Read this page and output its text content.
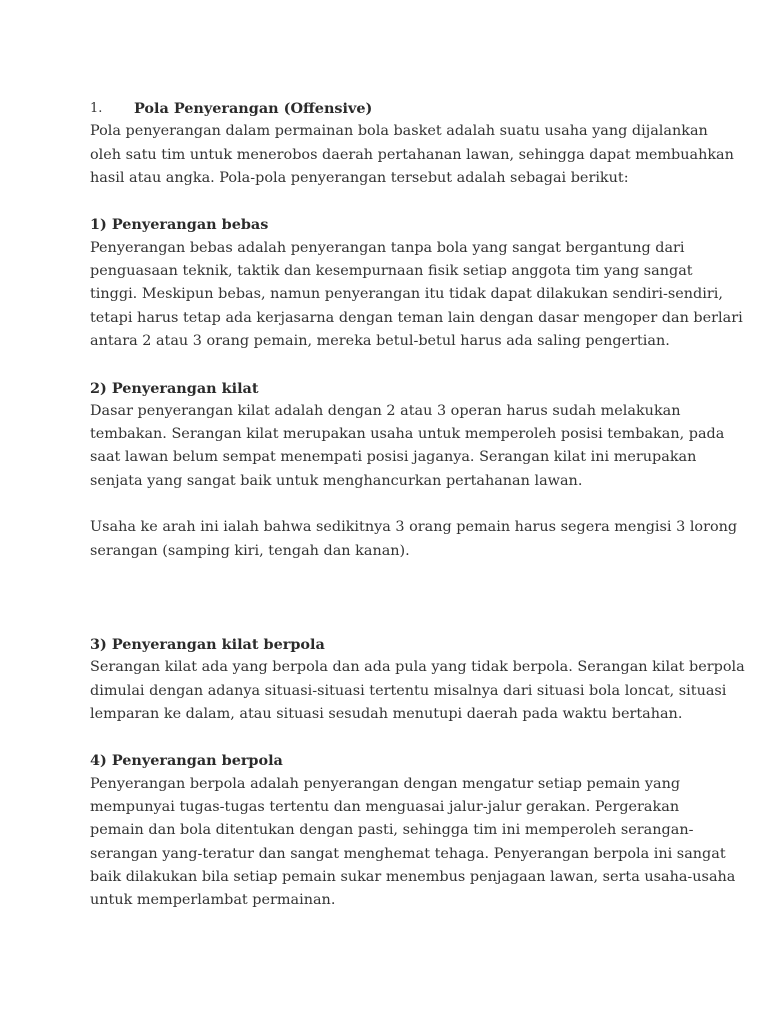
1.	Pola Penyerangan (Offensive)

Pola penyerangan dalam permainan bola basket adalah suatu usaha yang dijalankan
oleh satu tim untuk menerobos daerah pertahanan lawan, sehingga dapat membuahkan
hasil atau angka. Pola-pola penyerangan tersebut adalah sebagai berikut:

1) Penyerangan bebas

Penyerangan bebas adalah penyerangan tanpa bola yang sangat bergantung dari
penguasaan teknik, taktik dan kesempurnaan fisik setiap anggota tim yang sangat
tinggi. Meskipun bebas, namun penyerangan itu tidak dapat dilakukan sendiri-sendiri,
tetapi harus tetap ada kerjasarna dengan teman lain dengan dasar mengoper dan berlari
antara 2 atau 3 orang pemain, mereka betul-betul harus ada saling pengertian.

2) Penyerangan kilat

Dasar penyerangan kilat adalah dengan 2 atau 3 operan harus sudah melakukan
tembakan. Serangan kilat merupakan usaha untuk memperoleh posisi tembakan, pada
saat lawan belum sempat menempati posisi jaganya. Serangan kilat ini merupakan
senjata yang sangat baik untuk menghancurkan pertahanan lawan.

Usaha ke arah ini ialah bahwa sedikitnya 3 orang pemain harus segera mengisi 3 lorong
serangan (samping kiri, tengah dan kanan).

3) Penyerangan kilat berpola

Serangan kilat ada yang berpola dan ada pula yang tidak berpola. Serangan kilat berpola
dimulai dengan adanya situasi-situasi tertentu misalnya dari situasi bola loncat, situasi
lemparan ke dalam, atau situasi sesudah menutupi daerah pada waktu bertahan.

4) Penyerangan berpola

Penyerangan berpola adalah penyerangan dengan mengatur setiap pemain yang
mempunyai tugas-tugas tertentu dan menguasai jalur-jalur gerakan. Pergerakan
pemain dan bola ditentukan dengan pasti, sehingga tim ini memperoleh serangan-
serangan yang-teratur dan sangat menghemat tehaga. Penyerangan berpola ini sangat
baik dilakukan bila setiap pemain sukar menembus penjagaan lawan, serta usaha-usaha
untuk memperlambat permainan.
